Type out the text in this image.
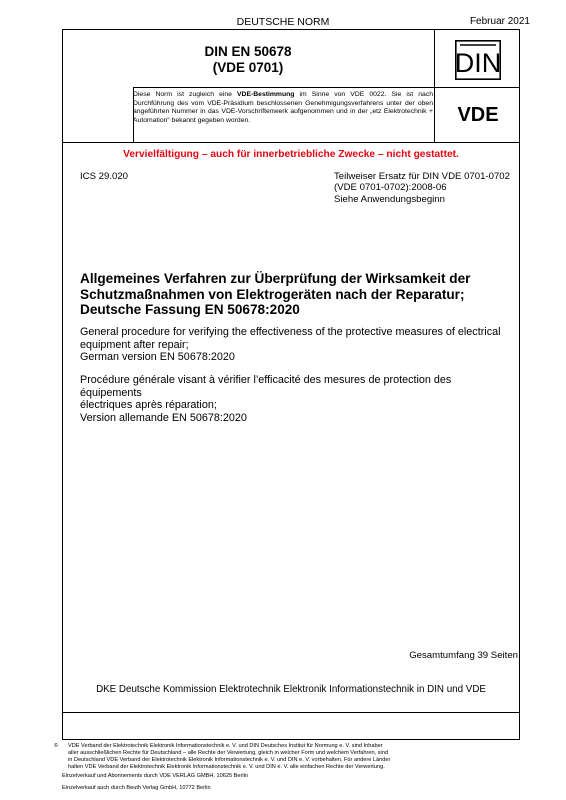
DEUTSCHE NORM	Februar 2021
DIN EN 50678
(VDE 0701)	DIN
VDE
Diese Norm ist zugleich eine VDE-Bestimmung im Sinne von VDE 0022. Sie ist nach Durchführung des vom VDE-Präsidium beschlossenen Genehmigungsverfahrens unter der oben angeführten Nummer in das VDE-Vorschriftenwerk aufgenommen und in der „etz Elektrotechnik + Automation“ bekannt gegeben worden.
Vervielfältigung – auch für innerbetriebliche Zwecke – nicht gestattet.
ICS 29.020	Teilweiser Ersatz für DIN VDE 0701-0702
(VDE 0701-0702):2008-06
Siehe Anwendungsbeginn
Allgemeines Verfahren zur Überprüfung der Wirksamkeit der
Schutzmaßnahmen von Elektrogeräten nach der Reparatur;
Deutsche Fassung EN 50678:2020
General procedure for verifying the effectiveness of the protective measures of electrical
equipment after repair;
German version EN 50678:2020
Procédure générale visant à vérifier l’efficacité des mesures de protection des équipements
électriques après réparation;
Version allemande EN 50678:2020
Gesamtumfang 39 Seiten
DKE Deutsche Kommission Elektrotechnik Elektronik Informationstechnik in DIN und VDE
©	VDE Verband der Elektrotechnik Elektronik Informationstechnik e. V. und DIN Deutsches Institut für Normung e. V. sind Inhaber
aller ausschließlichen Rechte für Deutschland – alle Rechte der Verwertung, gleich in welcher Form und welchem Verfahren, sind
in Deutschland VDE Verband der Elektrotechnik Elektronik Informationstechnik e. V. und DIN e. V. vorbehalten. Für andere Länder
halten VDE Verband der Elektrotechnik Elektronik Informationstechnik e. V. und DIN e. V. alle einfachen Rechte der Verwertung.
Einzelverkauf und Abonnements durch VDE VERLAG GMBH, 10625 Berlin
Einzelverkauf auch durch Beuth Verlag GmbH, 10772 Berlin
